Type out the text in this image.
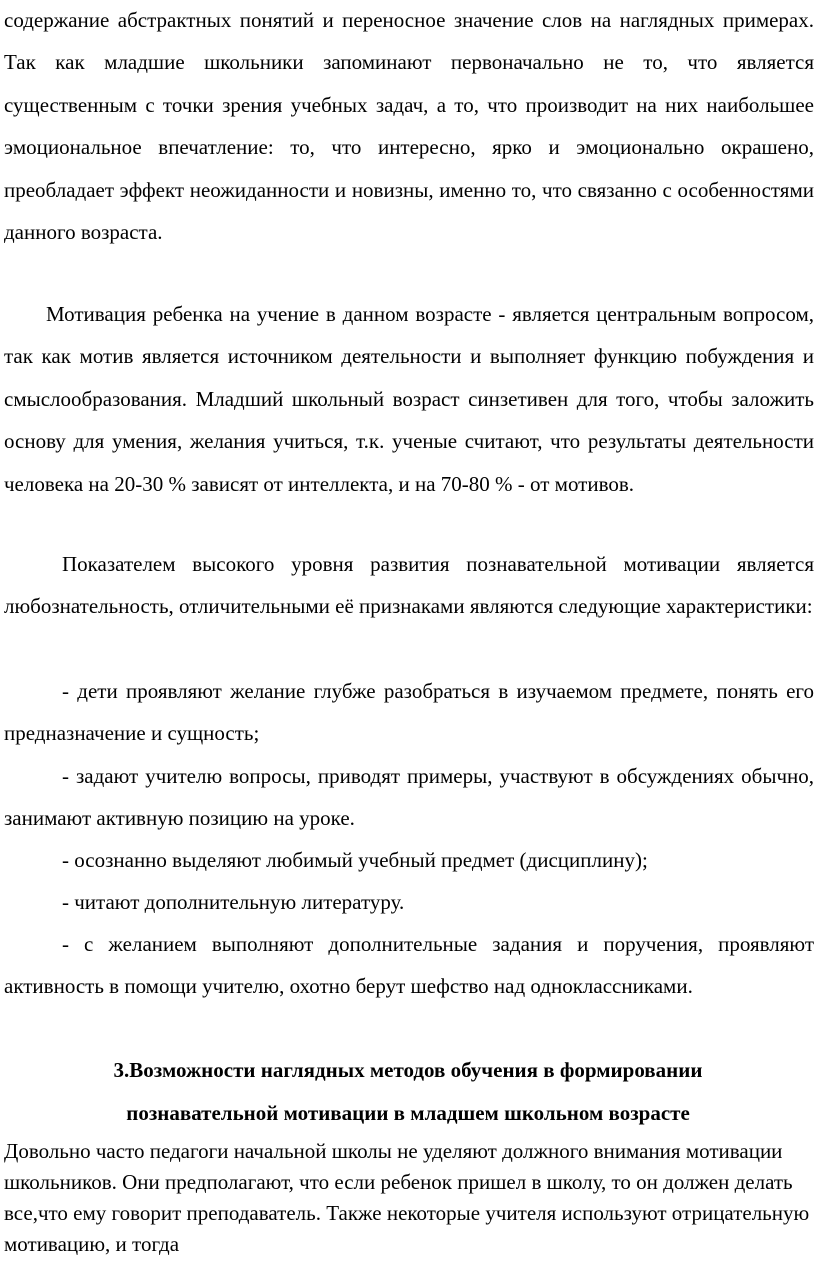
содержание абстрактных понятий и переносное значение слов на наглядных примерах. Так как младшие школьники запоминают первоначально не то, что является существенным с точки зрения учебных задач, а то, что производит на них наибольшее эмоциональное впечатление: то, что интересно, ярко и эмоционально окрашено, преобладает эффект неожиданности и новизны, именно то, что связанно с особенностями данного возраста.

Мотивация ребенка на учение в данном возрасте - является центральным вопросом, так как мотив является источником деятельности и выполняет функцию побуждения и смыслообразования. Младший школьный возраст синзетивен для того, чтобы заложить основу для умения, желания учиться, т.к. ученые считают, что результаты деятельности человека на 20-30 % зависят от интеллекта, и на 70-80 % - от мотивов.

Показателем высокого уровня развития познавательной мотивации является любознательность, отличительными её признаками являются следующие характеристики:

- дети проявляют желание глубже разобраться в изучаемом предмете, понять его предназначение и сущность;

- задают учителю вопросы, приводят примеры, участвуют в обсуждениях обычно, занимают активную позицию на уроке.

- осознанно выделяют любимый учебный предмет (дисциплину);

- читают дополнительную литературу.

- с желанием выполняют дополнительные задания и поручения, проявляют активность в помощи учителю, охотно берут шефство над одноклассниками.

3.Возможности наглядных методов обучения в формировании

познавательной мотивации в младшем школьном возрасте

Довольно часто педагоги начальной школы не уделяют должного внимания мотивации школьников. Они предполагают, что если ребенок пришел в школу, то он должен делать все,что ему говорит преподаватель. Также некоторые учителя используют отрицательную мотивацию, и тогда
